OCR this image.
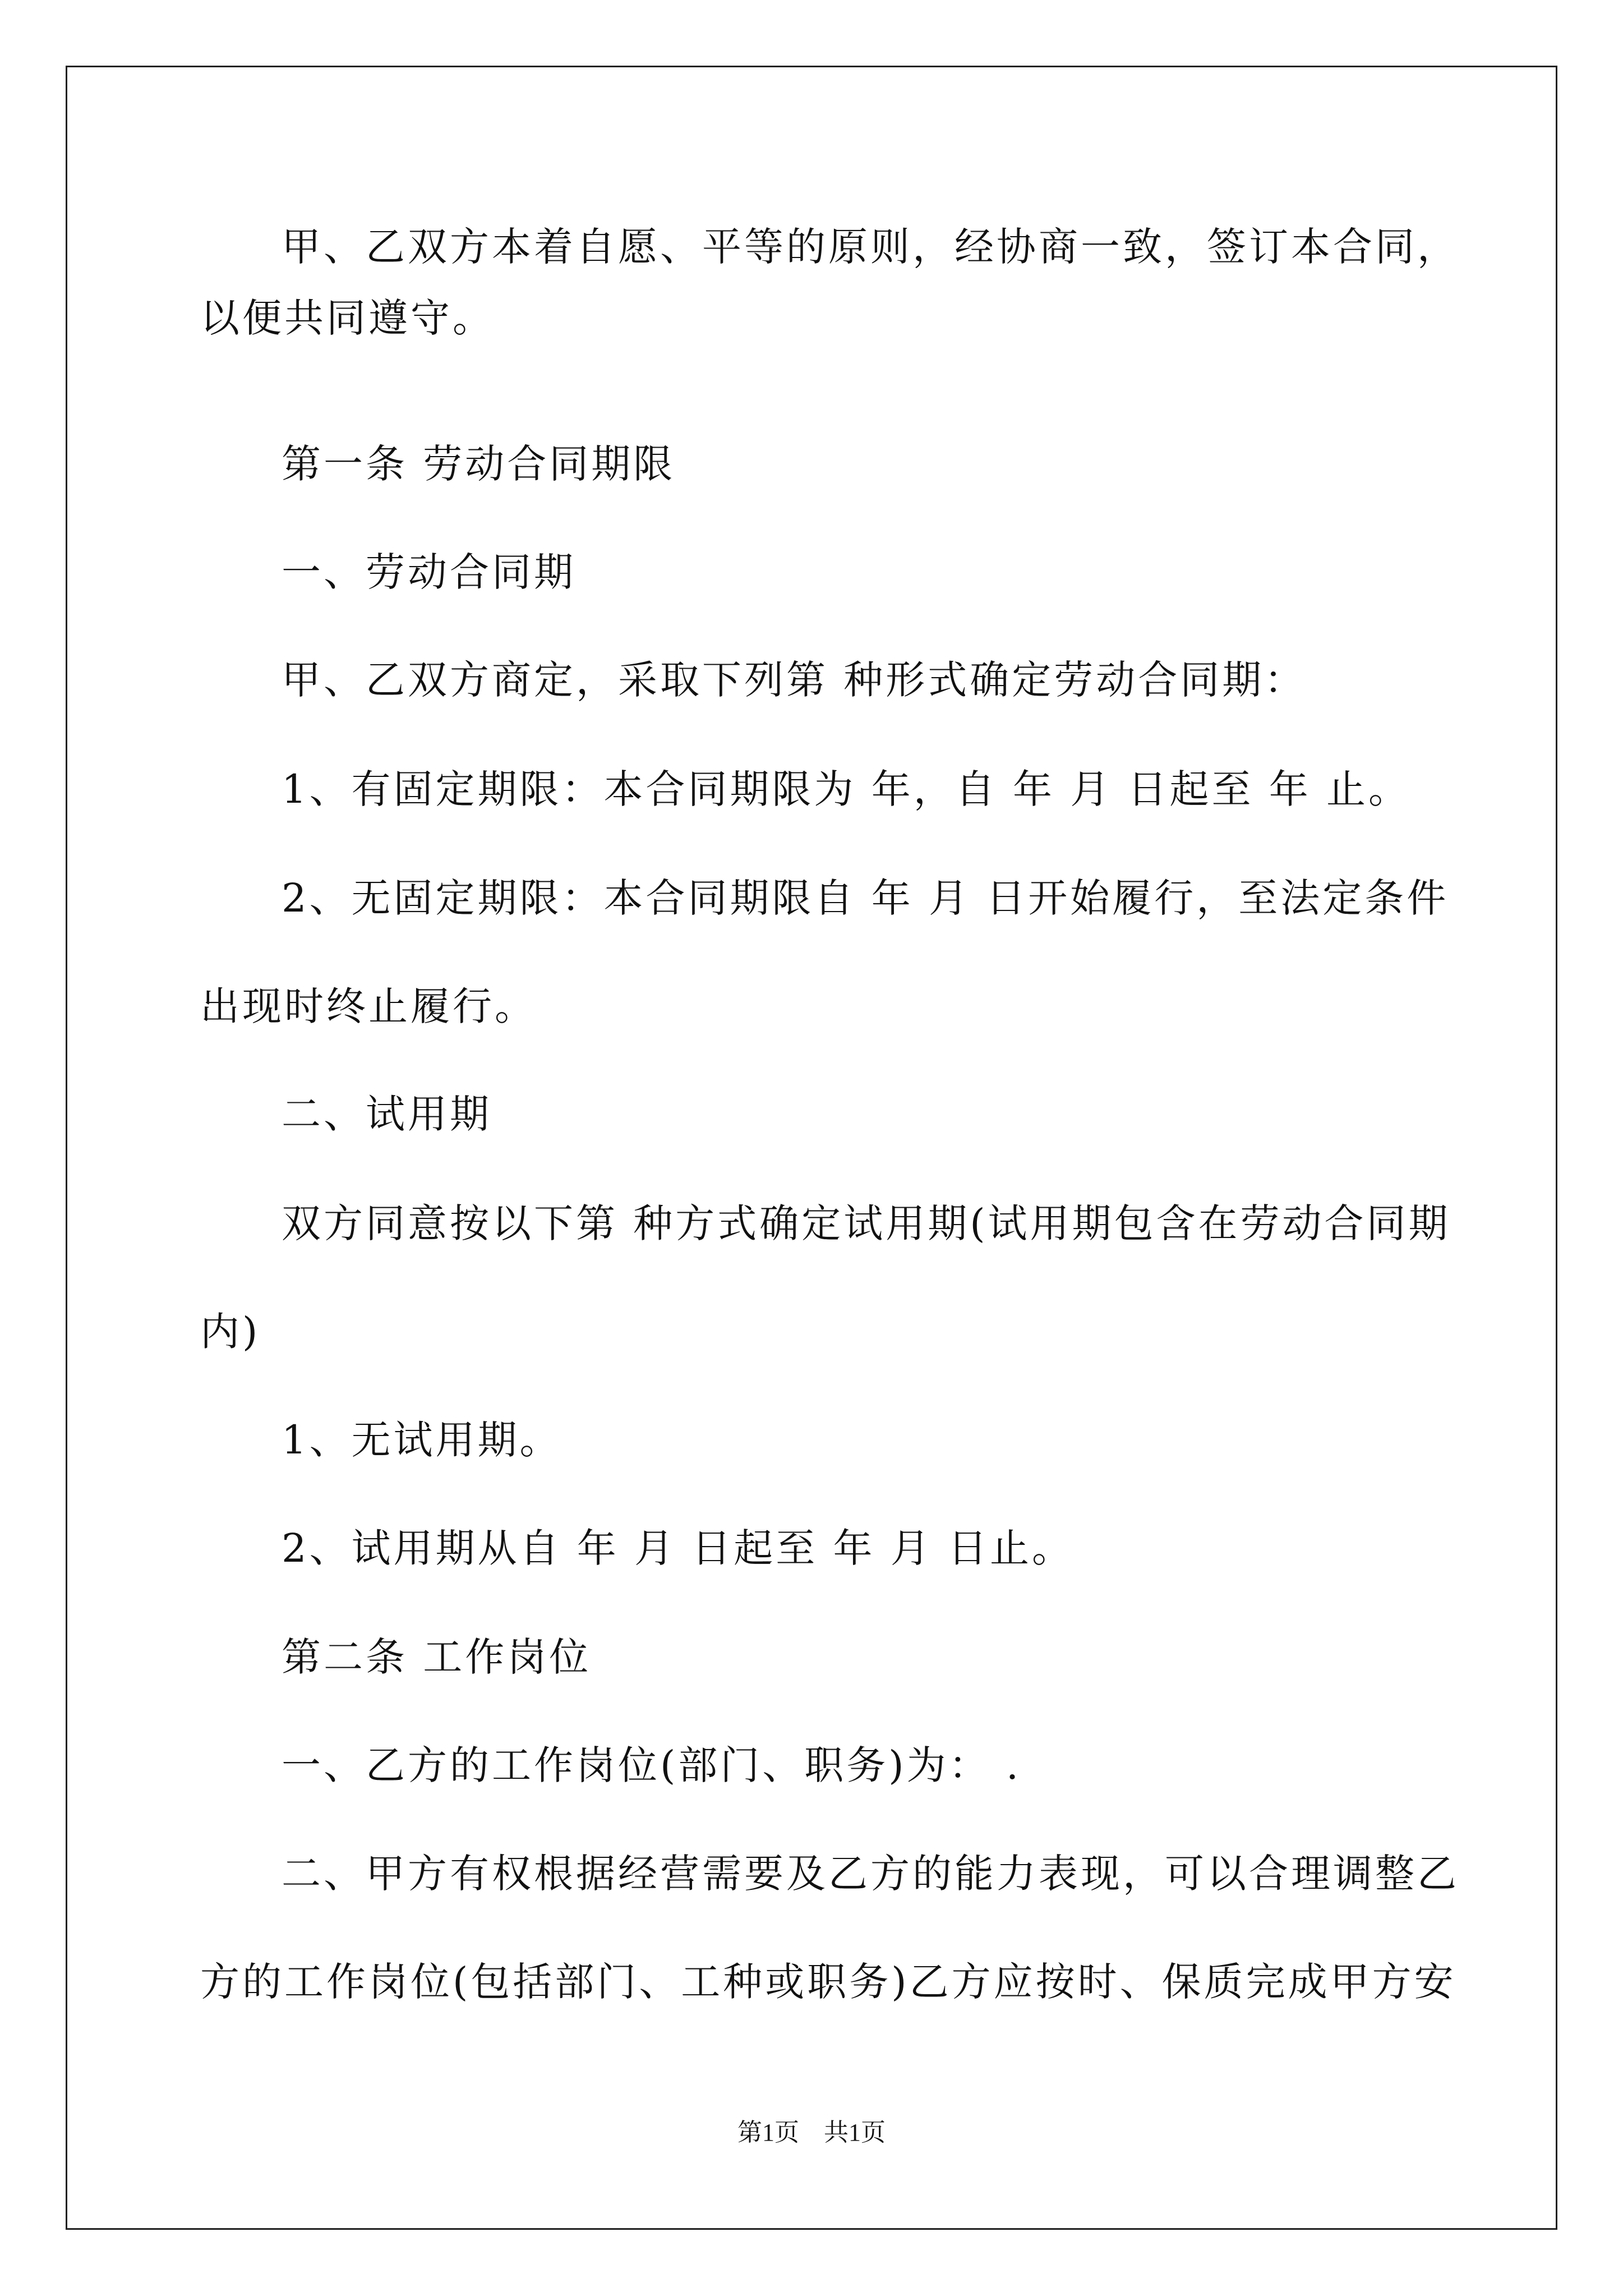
甲、乙双方本着自愿、平等的原则，经协商一致，签订本合同，
以便共同遵守。
第一条 劳动合同期限
一、劳动合同期
甲、乙双方商定，采取下列第 种形式确定劳动合同期：
1、有固定期限：本合同期限为 年，自 年 月 日起至 年 止。
2、无固定期限：本合同期限自 年 月 日开始履行，至法定条件
出现时终止履行。
二、试用期
双方同意按以下第 种方式确定试用期(试用期包含在劳动合同期
内)
1、无试用期。
2、试用期从自 年 月 日起至 年 月 日止。
第二条 工作岗位
一、乙方的工作岗位(部门、职务)为： .
二、甲方有权根据经营需要及乙方的能力表现，可以合理调整乙
方的工作岗位(包括部门、工种或职务)乙方应按时、保质完成甲方安
第1页　共1页
